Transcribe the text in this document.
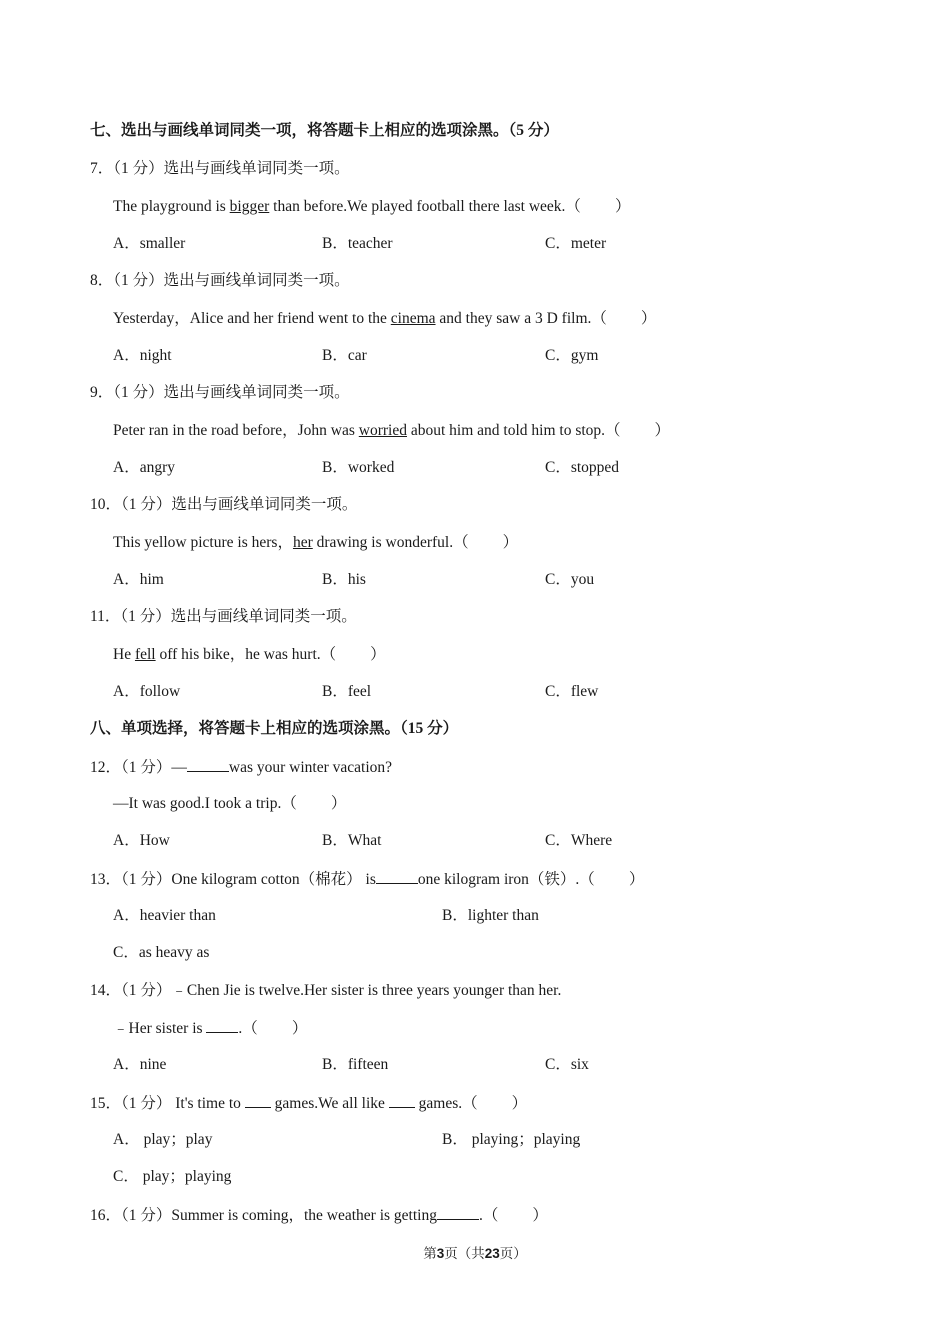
七、选出与画线单词同类一项，将答题卡上相应的选项涂黑。（5 分）
7．（1 分）选出与画线单词同类一项。
The playground is bigger than before.We played football there last week.（ ）
A．smaller	B．teacher	C．meter
8．（1 分）选出与画线单词同类一项。
Yesterday，Alice and her friend went to the cinema and they saw a 3 D film.（ ）
A．night	B．car	C．gym
9．（1 分）选出与画线单词同类一项。
Peter ran in the road before，John was worried about him and told him to stop.（ ）
A．angry	B．worked	C．stopped
10．（1 分）选出与画线单词同类一项。
This yellow picture is hers，her drawing is wonderful.（ ）
A．him	B．his	C．you
11．（1 分）选出与画线单词同类一项。
He fell off his bike，he was hurt.（ ）
A．follow	B．feel	C．flew
八、单项选择，将答题卡上相应的选项涂黑。（15 分）
12．（1 分）—	was your winter vacation?
—It was good.I took a trip.（ ）
A．How	B．What	C．Where
13．（1 分）One kilogram cotton（棉花） is	one kilogram iron（铁）.（ ）
A．heavier than	B．lighter than
C．as heavy as
14．（1 分）﹣Chen Jie is twelve.Her sister is three years younger than her.
﹣Her sister is .（ ）
A．nine	B．fifteen	C．six
15．（1 分） It's time to  games.We all like  games.（ ）
A． play；play	B． playing；playing
C． play；playing
16．（1 分）Summer is coming，the weather is getting	.（ ）
第3页（共23页）
